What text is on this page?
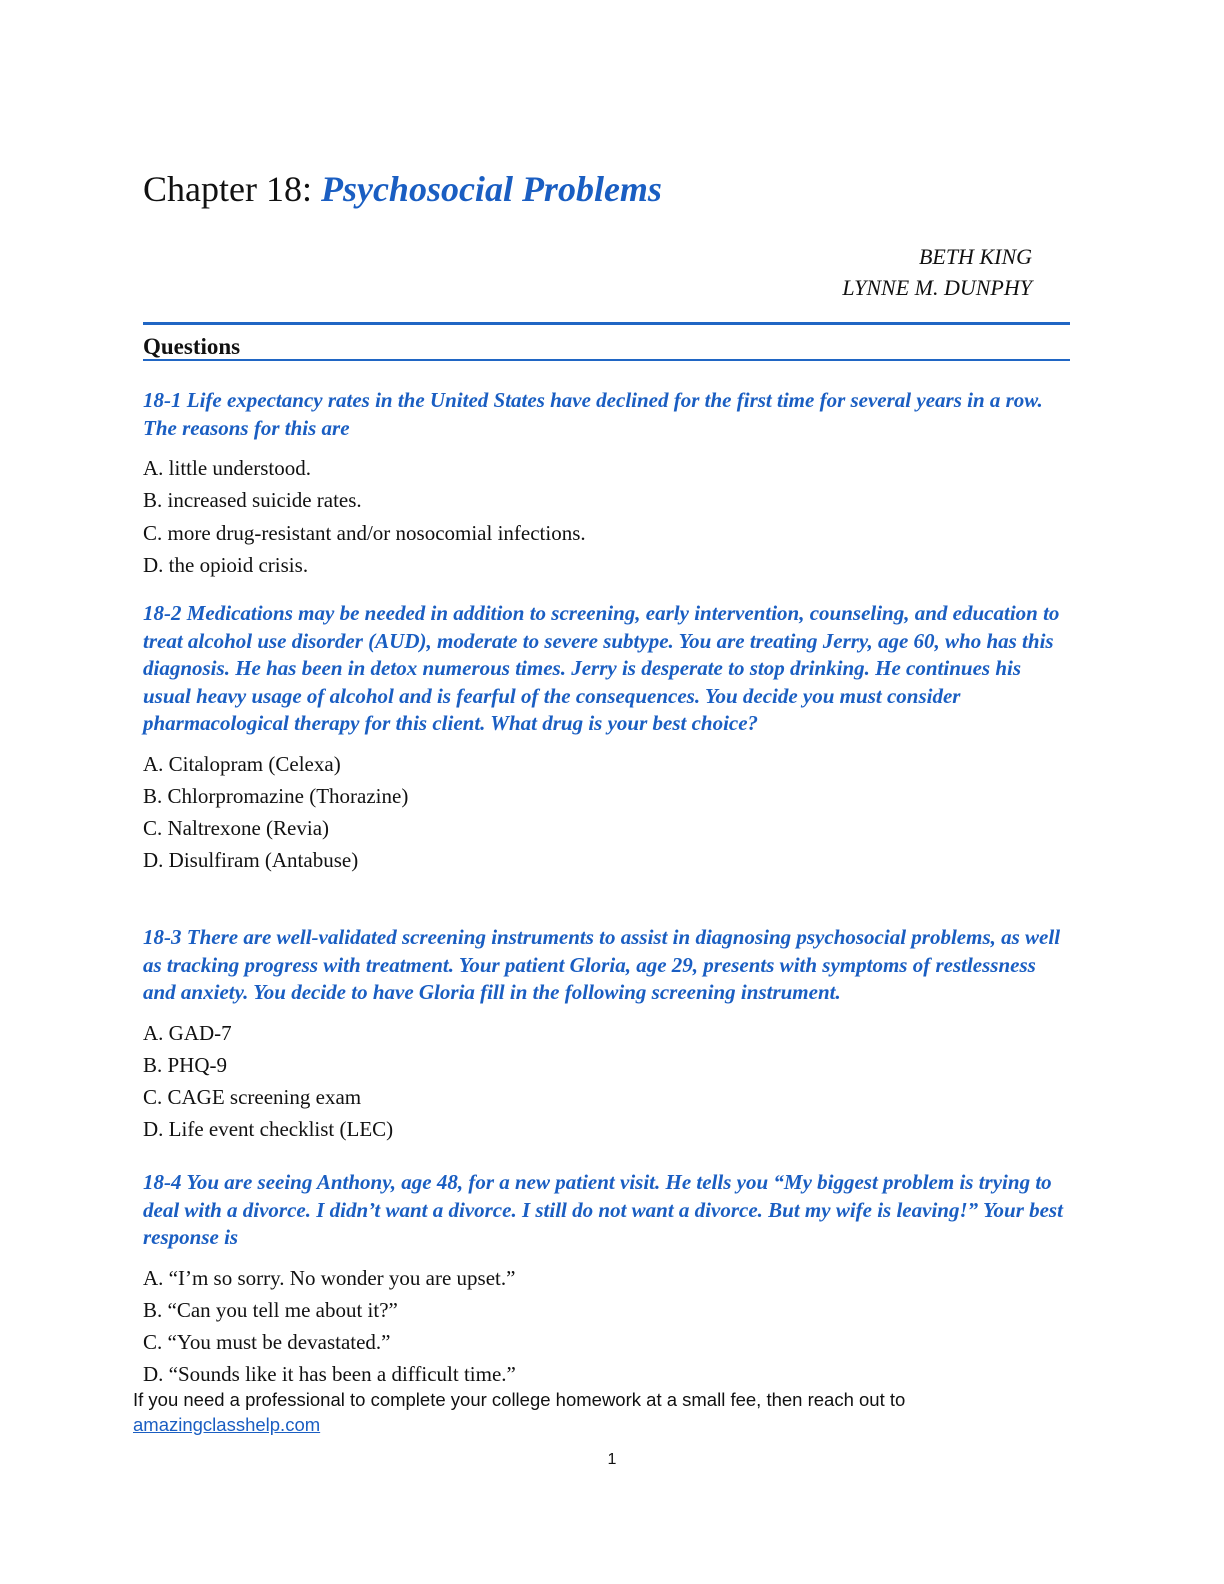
Chapter 18: Psychosocial Problems
BETH KING
LYNNE M. DUNPHY
Questions

18-1 Life expectancy rates in the United States have declined for the first time for several years in a row. The reasons for this are

A. little understood.
B. increased suicide rates.
C. more drug-resistant and/or nosocomial infections.
D. the opioid crisis.

18-2 Medications may be needed in addition to screening, early intervention, counseling, and education to treat alcohol use disorder (AUD), moderate to severe subtype. You are treating Jerry, age 60, who has this diagnosis. He has been in detox numerous times. Jerry is desperate to stop drinking. He continues his usual heavy usage of alcohol and is fearful of the consequences. You decide you must consider pharmacological therapy for this client. What drug is your best choice?

A. Citalopram (Celexa)
B. Chlorpromazine (Thorazine)
C. Naltrexone (Revia)
D. Disulfiram (Antabuse)

18-3 There are well-validated screening instruments to assist in diagnosing psychosocial problems, as well as tracking progress with treatment. Your patient Gloria, age 29, presents with symptoms of restlessness and anxiety. You decide to have Gloria fill in the following screening instrument.

A. GAD-7
B. PHQ-9
C. CAGE screening exam
D. Life event checklist (LEC)

18-4 You are seeing Anthony, age 48, for a new patient visit. He tells you “My biggest problem is trying to deal with a divorce. I didn’t want a divorce. I still do not want a divorce. But my wife is leaving!” Your best response is

A. “I’m so sorry. No wonder you are upset.”
B. “Can you tell me about it?”
C. “You must be devastated.”
D. “Sounds like it has been a difficult time.”
If you need a professional to complete your college homework at a small fee, then reach out to
amazingclasshelp.com
1
